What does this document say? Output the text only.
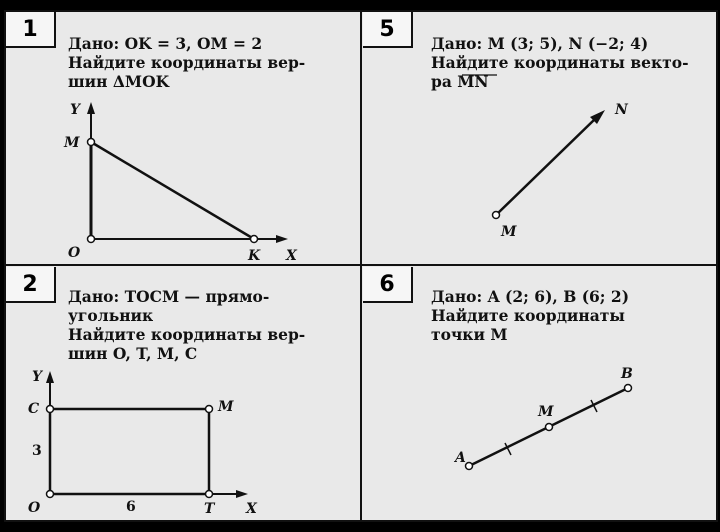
1
Дано: OK = 3, OM = 2
Найдите координаты вер-
шин ΔMOK
Y
M
O	K X
5
Дано: M (3; 5), N (−2; 4)
Найдите координаты векто-
ра MN
M
N
2	Дано: TOCM — прямо-
угольник
Найдите координаты вер-
шин O, T, M, C
Y
C	M
3
O	6	T X
6	Дано: A (2; 6), B (6; 2)
Найдите координаты
точки M
A
M
B
